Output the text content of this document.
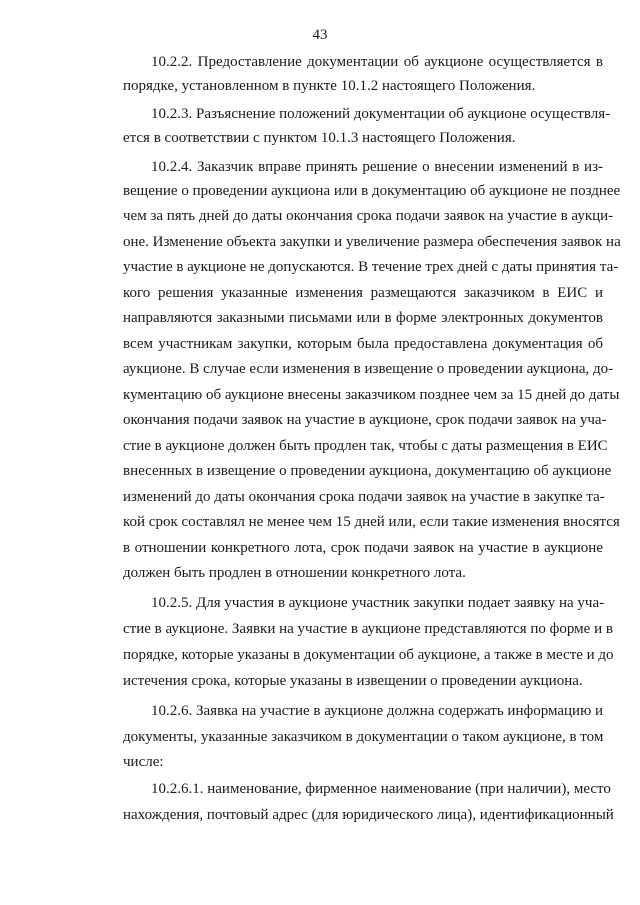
43
10.2.2. Предоставление документации об аукционе осуществляется в
порядке, установленном в пункте 10.1.2 настоящего Положения.
10.2.3. Разъяснение положений документации об аукционе осуществля-
ется в соответствии с пунктом 10.1.3 настоящего Положения.
10.2.4. Заказчик вправе принять решение о внесении изменений в из-
вещение о проведении аукциона или в документацию об аукционе не позднее
чем за пять дней до даты окончания срока подачи заявок на участие в аукци-
оне. Изменение объекта закупки и увеличение размера обеспечения заявок на
участие в аукционе не допускаются. В течение трех дней с даты принятия та-
кого решения указанные изменения размещаются заказчиком в ЕИС и
направляются заказными письмами или в форме электронных документов
всем участникам закупки, которым была предоставлена документация об
аукционе. В случае если изменения в извещение о проведении аукциона, до-
кументацию об аукционе внесены заказчиком позднее чем за 15 дней до даты
окончания подачи заявок на участие в аукционе, срок подачи заявок на уча-
стие в аукционе должен быть продлен так, чтобы с даты размещения в ЕИС
внесенных в извещение о проведении аукциона, документацию об аукционе
изменений до даты окончания срока подачи заявок на участие в закупке та-
кой срок составлял не менее чем 15 дней или, если такие изменения вносятся
в отношении конкретного лота, срок подачи заявок на участие в аукционе
должен быть продлен в отношении конкретного лота.
10.2.5. Для участия в аукционе участник закупки подает заявку на уча-
стие в аукционе. Заявки на участие в аукционе представляются по форме и в
порядке, которые указаны в документации об аукционе, а также в месте и до
истечения срока, которые указаны в извещении о проведении аукциона.
10.2.6. Заявка на участие в аукционе должна содержать информацию и
документы, указанные заказчиком в документации о таком аукционе, в том
числе:
10.2.6.1. наименование, фирменное наименование (при наличии), место
нахождения, почтовый адрес (для юридического лица), идентификационный
